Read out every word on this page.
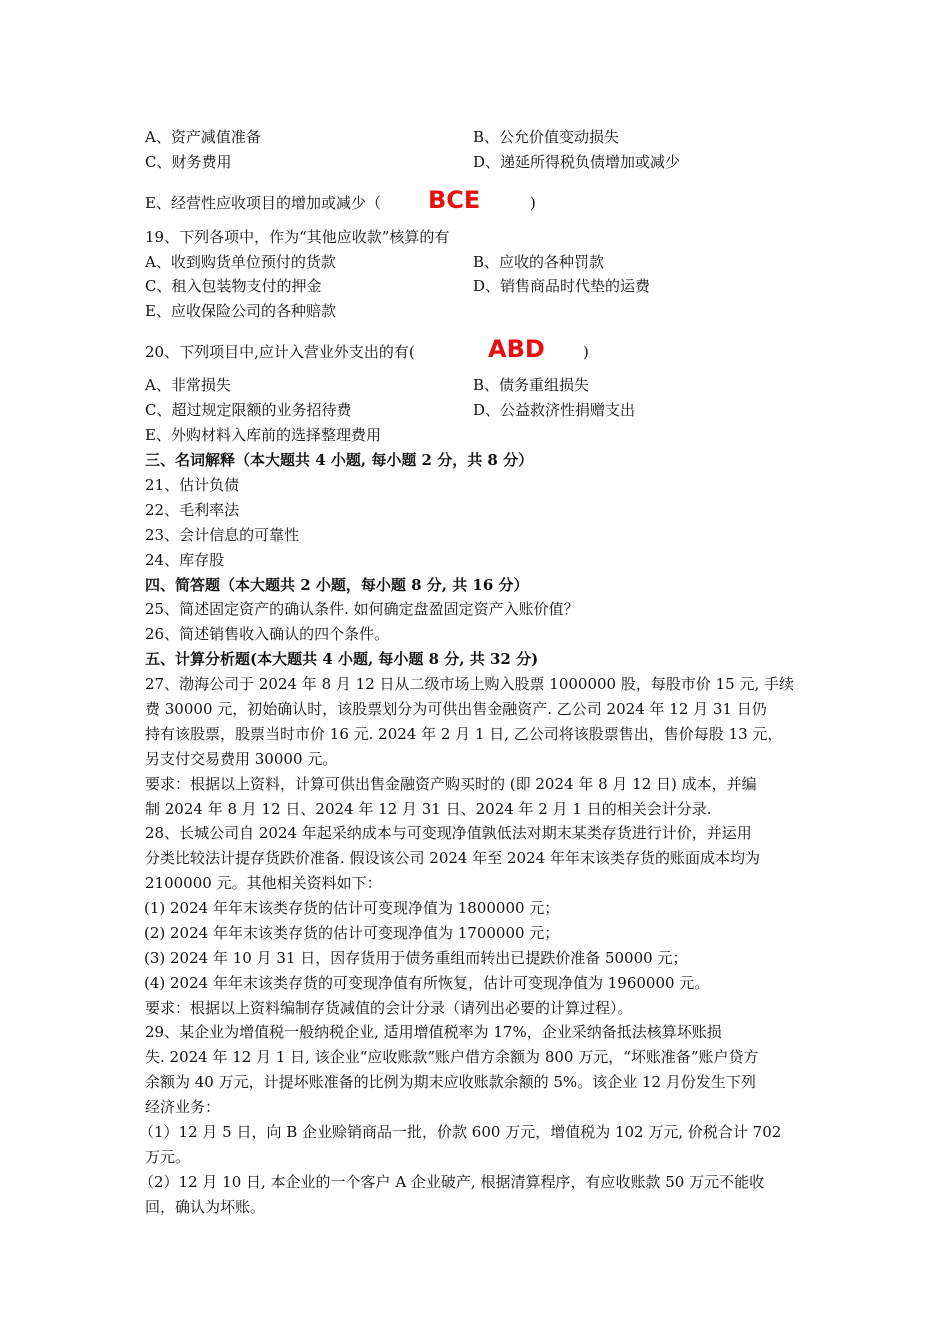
A、资产减值准备	B、公允价值变动损失
C、财务费用	D、递延所得税负债增加或减少
E、经营性应收项目的增加或减少（ BCE	)
19、下列各项中，作为“其他应收款”核算的有
A、收到购货单位预付的货款	B、应收的各种罚款
C、租入包装物支付的押金	D、销售商品时代垫的运费
E、应收保险公司的各种赔款
20、下列项目中,应计入营业外支出的有(	ABD	)
A、非常损失	B、债务重组损失
C、超过规定限额的业务招待费	D、公益救济性捐赠支出
E、外购材料入库前的选择整理费用
三、名词解释（本大题共 4 小题, 每小题 2 分，共 8 分）
21、估计负债
22、毛利率法
23、会计信息的可靠性
24、库存股
四、简答题（本大题共 2 小题，每小题 8 分, 共 16 分）
25、简述固定资产的确认条件. 如何确定盘盈固定资产入账价值？
26、简述销售收入确认的四个条件。
五、计算分析题(本大题共 4 小题, 每小题 8 分, 共 32 分)
27、渤海公司于 2024 年 8 月 12 日从二级市场上购入股票 1000000 股，每股市价 15 元, 手续
费 30000 元，初始确认时，该股票划分为可供出售金融资产. 乙公司 2024 年 12 月 31 日仍
持有该股票，股票当时市价 16 元. 2024 年 2 月 1 日, 乙公司将该股票售出，售价每股 13 元，
另支付交易费用 30000 元。
要求：根据以上资料，计算可供出售金融资产购买时的 (即 2024 年 8 月 12 日) 成本，并编
制 2024 年 8 月 12 日、2024 年 12 月 31 日、2024 年 2 月 1 日的相关会计分录.
28、长城公司自 2024 年起采纳成本与可变现净值孰低法对期末某类存货进行计价，并运用
分类比较法计提存货跌价准备. 假设该公司 2024 年至 2024 年年末该类存货的账面成本均为
2100000 元。其他相关资料如下：
(1) 2024 年年末该类存货的估计可变现净值为 1800000 元；
(2) 2024 年年末该类存货的估计可变现净值为 1700000 元；
(3) 2024 年 10 月 31 日，因存货用于债务重组而转出已提跌价准备 50000 元；
(4) 2024 年年末该类存货的可变现净值有所恢复，估计可变现净值为 1960000 元。
要求：根据以上资料编制存货减值的会计分录（请列出必要的计算过程）。
29、某企业为增值税一般纳税企业, 适用增值税率为 17%，企业采纳备抵法核算坏账损
失. 2024 年 12 月 1 日, 该企业“应收账款”账户借方余额为 800 万元，“坏账准备”账户贷方
余额为 40 万元，计提坏账准备的比例为期末应收账款余额的 5%。该企业 12 月份发生下列
经济业务：
（1）12 月 5 日，向 B 企业赊销商品一批，价款 600 万元，增值税为 102 万元, 价税合计 702
万元。
（2）12 月 10 日, 本企业的一个客户 A 企业破产, 根据清算程序，有应收账款 50 万元不能收
回，确认为坏账。
